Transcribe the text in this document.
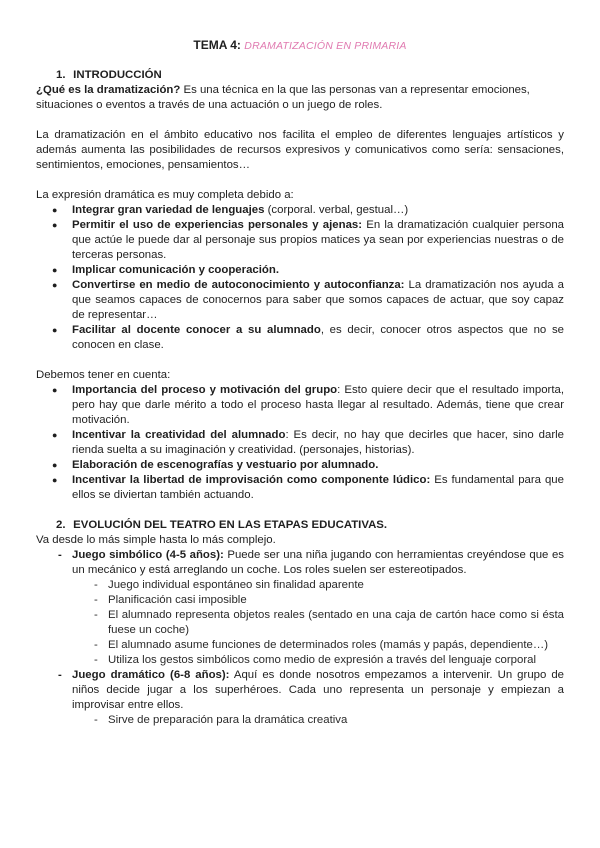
TEMA 4: DRAMATIZACIÓN EN PRIMARIA
1. INTRODUCCIÓN

¿Qué es la dramatización? Es una técnica en la que las personas van a representar emociones, situaciones o eventos a través de una actuación o un juego de roles.

La dramatización en el ámbito educativo nos facilita el empleo de diferentes lenguajes artísticos y además aumenta las posibilidades de recursos expresivos y comunicativos como sería: sensaciones, sentimientos, emociones, pensamientos…

La expresión dramática es muy completa debido a:

● Integrar gran variedad de lenguajes (corporal. verbal, gestual…)
● Permitir el uso de experiencias personales y ajenas: En la dramatización cualquier persona que actúe le puede dar al personaje sus propios matices ya sean por experiencias nuestras o de terceras personas.
● Implicar comunicación y cooperación.
● Convertirse en medio de autoconocimiento y autoconfianza: La dramatización nos ayuda a que seamos capaces de conocernos para saber que somos capaces de actuar, que soy capaz de representar…
● Facilitar al docente conocer a su alumnado, es decir, conocer otros aspectos que no se conocen en clase.

Debemos tener en cuenta:

● Importancia del proceso y motivación del grupo: Esto quiere decir que el resultado importa, pero hay que darle mérito a todo el proceso hasta llegar al resultado. Además, tiene que crear motivación.
● Incentivar la creatividad del alumnado: Es decir, no hay que decirles que hacer, sino darle rienda suelta a su imaginación y creatividad. (personajes, historias).
● Elaboración de escenografías y vestuario por alumnado.
● Incentivar la libertad de improvisación como componente lúdico: Es fundamental para que ellos se diviertan también actuando.
2. EVOLUCIÓN DEL TEATRO EN LAS ETAPAS EDUCATIVAS.

Va desde lo más simple hasta lo más complejo.

- Juego simbólico (4-5 años): Puede ser una niña jugando con herramientas creyéndose que es un mecánico y está arreglando un coche. Los roles suelen ser estereotipados.
- Juego individual espontáneo sin finalidad aparente
- Planificación casi imposible
- El alumnado representa objetos reales (sentado en una caja de cartón hace como si ésta fuese un coche)
- El alumnado asume funciones de determinados roles (mamás y papás, dependiente…)
- Utiliza los gestos simbólicos como medio de expresión a través del lenguaje corporal
- Juego dramático (6-8 años): Aquí es donde nosotros empezamos a intervenir. Un grupo de niños decide jugar a los superhéroes. Cada uno representa un personaje y empiezan a improvisar entre ellos.
- Sirve de preparación para la dramática creativa
